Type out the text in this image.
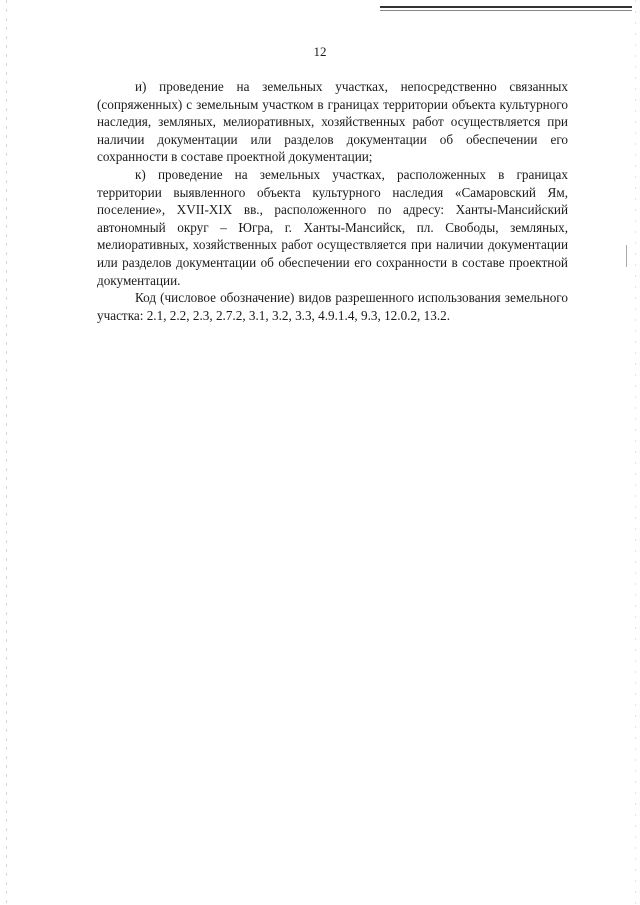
12

и) проведение на земельных участках, непосредственно связанных (сопряженных) с земельным участком в границах территории объекта культурного наследия, земляных, мелиоративных, хозяйственных работ осуществляется при наличии документации или разделов документации об обеспечении его сохранности в составе проектной документации;

к) проведение на земельных участках, расположенных в границах территории выявленного объекта культурного наследия «Самаровский Ям, поселение», XVII-XIX вв., расположенного по адресу: Ханты-Мансийский автономный округ – Югра, г. Ханты-Мансийск, пл. Свободы, земляных, мелиоративных, хозяйственных работ осуществляется при наличии документации или разделов документации об обеспечении его сохранности в составе проектной документации.

Код (числовое обозначение) видов разрешенного использования земельного участка: 2.1, 2.2, 2.3, 2.7.2, 3.1, 3.2, 3.3, 4.9.1.4, 9.3, 12.0.2, 13.2.
